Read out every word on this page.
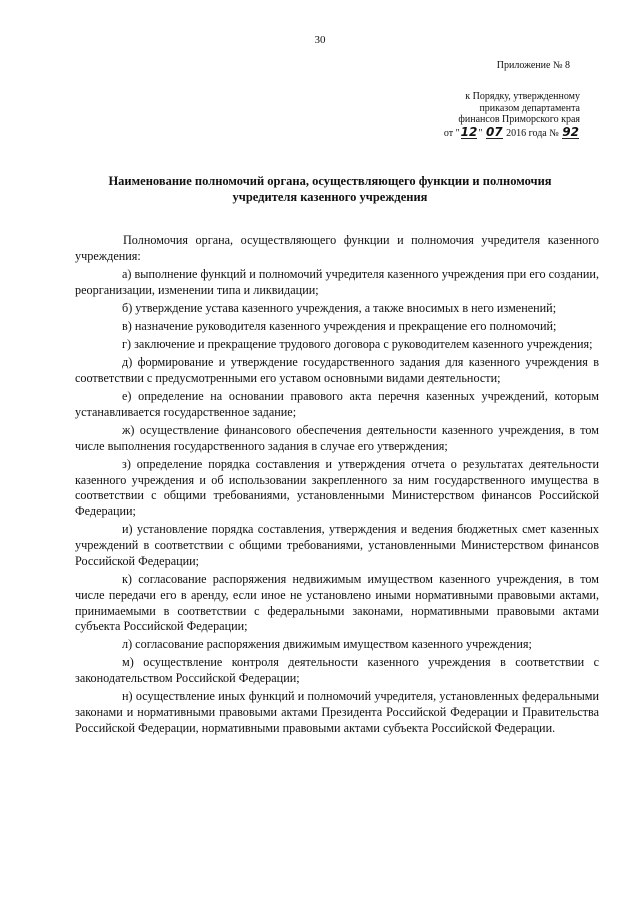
30
Приложение № 8
к Порядку, утвержденному
приказом департамента
финансов Приморского края
от "12" 07 2016 года № 92
Наименование полномочий органа, осуществляющего функции и полномочия
учредителя казенного учреждения

Полномочия органа, осуществляющего функции и полномочия учредителя казенного учреждения:

а) выполнение функций и полномочий учредителя казенного учреждения при его создании, реорганизации, изменении типа и ликвидации;

б) утверждение устава казенного учреждения, а также вносимых в него изменений;

в) назначение руководителя казенного учреждения и прекращение его полномочий;

г) заключение и прекращение трудового договора с руководителем казенного учреждения;

д) формирование и утверждение государственного задания для казенного учреждения в соответствии с предусмотренными его уставом основными видами деятельности;

е) определение на основании правового акта перечня казенных учреждений, которым устанавливается государственное задание;

ж) осуществление финансового обеспечения деятельности казенного учреждения, в том числе выполнения государственного задания в случае его утверждения;

з) определение порядка составления и утверждения отчета о результатах деятельности казенного учреждения и об использовании закрепленного за ним государственного имущества в соответствии с общими требованиями, установленными Министерством финансов Российской Федерации;

и) установление порядка составления, утверждения и ведения бюджетных смет казенных учреждений в соответствии с общими требованиями, установленными Министерством финансов Российской Федерации;

к) согласование распоряжения недвижимым имуществом казенного учреждения, в том числе передачи его в аренду, если иное не установлено иными нормативными правовыми актами, принимаемыми в соответствии с федеральными законами, нормативными правовыми актами субъекта Российской Федерации;

л) согласование распоряжения движимым имуществом казенного учреждения;

м) осуществление контроля деятельности казенного учреждения в соответствии с законодательством Российской Федерации;

н) осуществление иных функций и полномочий учредителя, установленных федеральными законами и нормативными правовыми актами Президента Российской Федерации и Правительства Российской Федерации, нормативными правовыми актами субъекта Российской Федерации.
